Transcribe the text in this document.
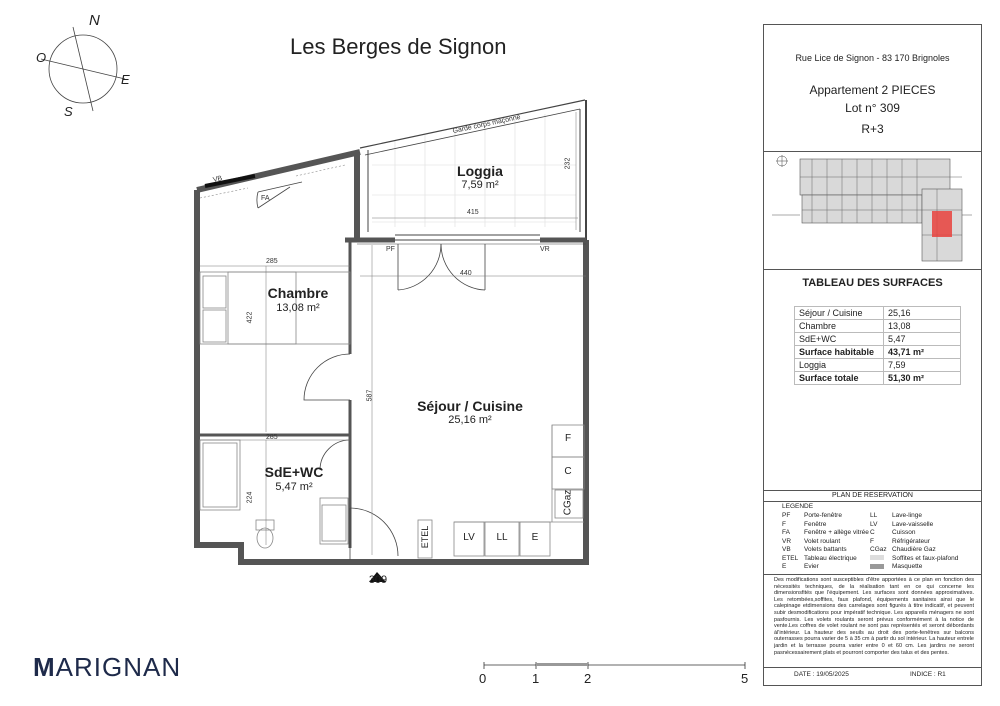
Les Berges de Signon
N
O
E
S
Loggia
7,59 m²
Chambre
13,08 m²
Séjour / Cuisine
25,16 m²
SdE+WC
5,47 m²
Garde corps maçonné
232
415
440
285
285
422
587
224
VB
FA
PF	VR
F
C
CGaz
ETEL	LV	LL	E
309
MARIGNAN	0	1	2	5
Rue Lice de Signon - 83 170 Brignoles
Appartement 2 PIECES
Lot n° 309
R+3
TABLEAU DES SURFACES
Séjour / Cuisine	25,16
Chambre	13,08
SdE+WC	5,47
Surface habitable	43,71 m²
Loggia	7,59
Surface totale	51,30 m²
PLAN DE RESERVATION
LEGENDE
PF Porte-fenêtre
F	Fenêtre
FA Fenêtre + allège vitrée
VR Volet roulant
VB Volets battants
ETEL Tableau électrique
E	Evier
LL Lave-linge
LV Lave-vaisselle
C	Cuisson
F	Réfrigérateur
CGaz Chaudière Gaz
Soffites et faux-plafond
Masquette
Des modifications sont susceptibles d'être apportées à ce plan en fonction des nécessités techniques, de la réalisation tant en ce qui concerne les dimensionsfités que l'équipement. Les surfaces sont données approximatives. Les retombées,soffites, faux plafond, équipements sanitaires ainsi que le calepinage etdimensions des carrelages sont figurés à titre indicatif, et peuvent subir desmodifications pour impératif technique. Les appareils ménagers ne sont pasfournis. Les volets roulants seront prévus conformément à la notice de vente.Les coffres de volet roulant ne sont pas représentés et seront débordants àl'intérieur. La hauteur des seuils au droit des porte-fenêtres sur balcons outerrasses pourra varier de 5 à 35 cm à partir du sol intérieur. La hauteur entrele jardin et la terrasse pourra varier entre 0 et 60 cm. Les jardins ne seront pasnécessairement plats et pourront comporter des talus et des pentes.
DATE : 19/05/2025	INDICE : R1
